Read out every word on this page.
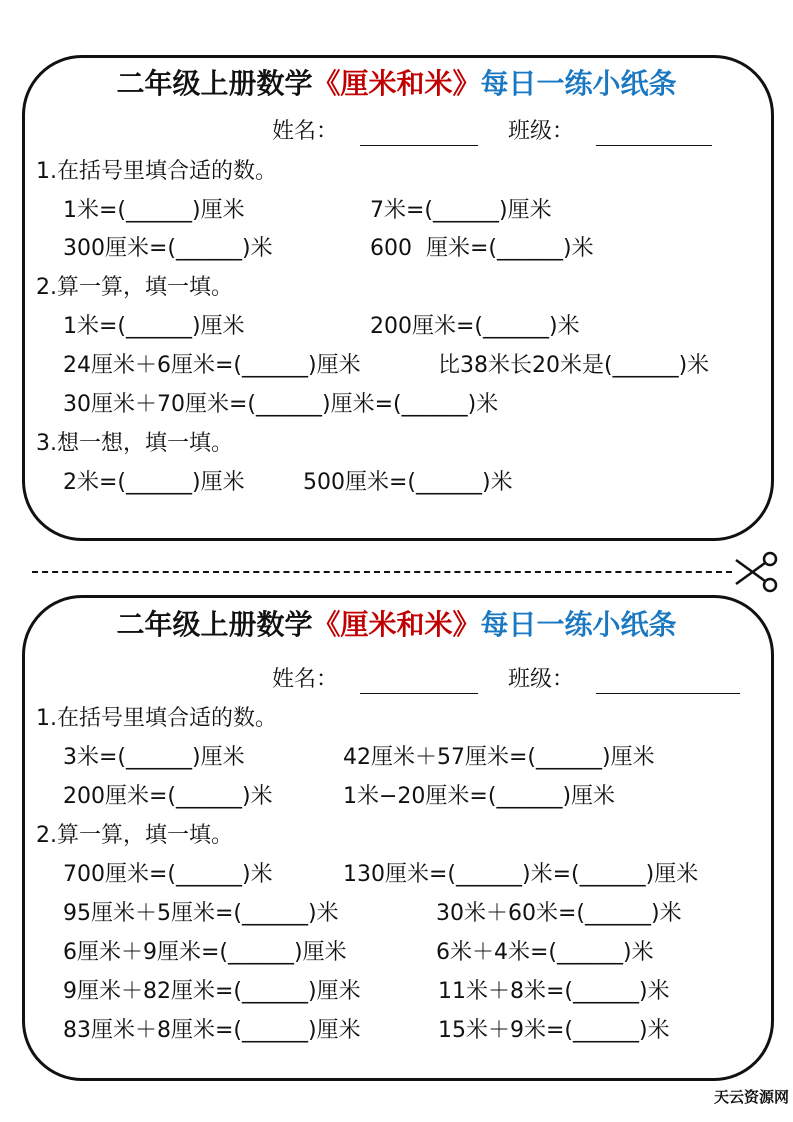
二年级上册数学《厘米和米》每日一练小纸条
姓名：	班级：
1.在括号里填合适的数。
1米=(______)厘米	7米=(______)厘米
300厘米=(______)米	600  厘米=(______)米
2.算一算，填一填。
1米=(______)厘米	200厘米=(______)米
24厘米＋6厘米=(______)厘米	比38米长20米是(______)米
30厘米＋70厘米=(______)厘米=(______)米
3.想一想，填一填。
2米=(______)厘米	500厘米=(______)米
二年级上册数学《厘米和米》每日一练小纸条
姓名：	班级：
1.在括号里填合适的数。
3米=(______)厘米	42厘米＋57厘米=(______)厘米
200厘米=(______)米	1米−20厘米=(______)厘米
2.算一算，填一填。
700厘米=(______)米	130厘米=(______)米=(______)厘米
95厘米＋5厘米=(______)米	30米＋60米=(______)米
6厘米＋9厘米=(______)厘米	6米＋4米=(______)米
9厘米＋82厘米=(______)厘米	11米＋8米=(______)米
83厘米＋8厘米=(______)厘米	15米＋9米=(______)米
天云资源网
